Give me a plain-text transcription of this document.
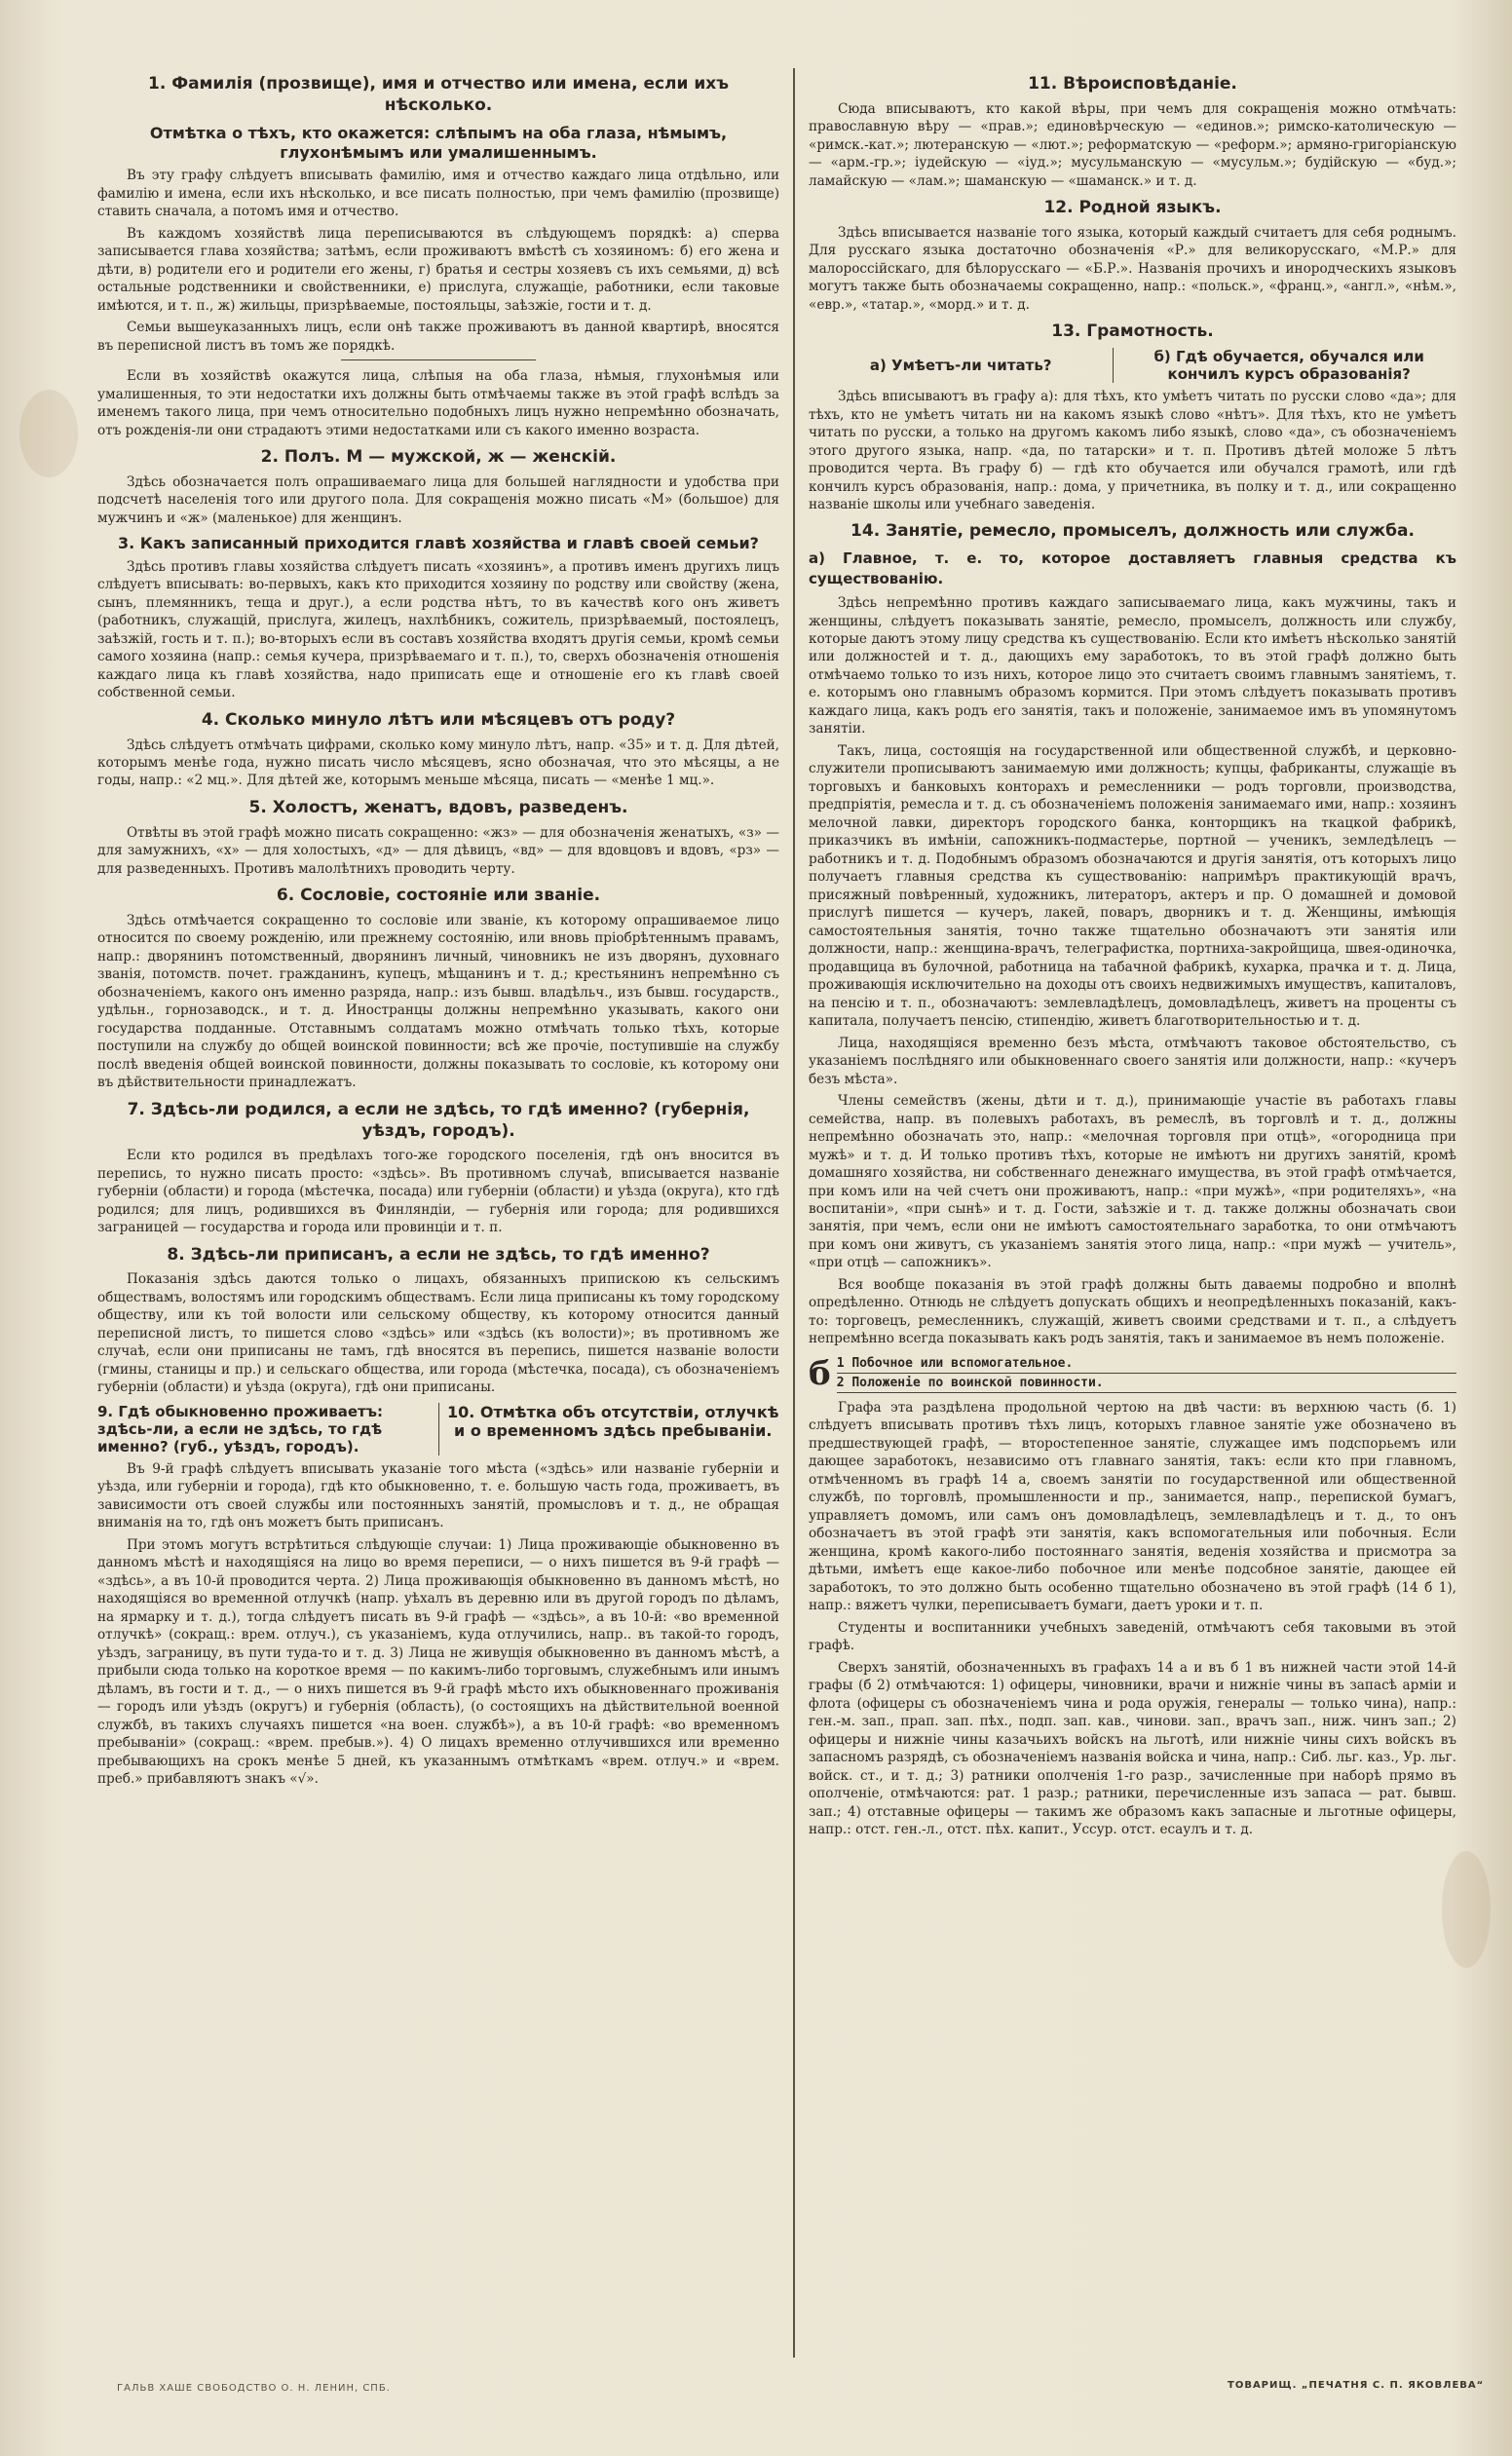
1. Фамилія (прозвище), имя и отчество или имена, если ихъ нѣсколько.
Отмѣтка о тѣхъ, кто окажется: слѣпымъ на оба глаза, нѣмымъ, глухонѣмымъ или умалишеннымъ.

Въ эту графу слѣдуетъ вписывать фамилію, имя и отчество каждаго лица отдѣльно, или фамилію и имена, если ихъ нѣсколько, и все писать полностью, при чемъ фамилію (прозвище) ставить сначала, а потомъ имя и отчество.

Въ каждомъ хозяйствѣ лица переписываются въ слѣдующемъ порядкѣ: а) сперва записывается глава хозяйства; затѣмъ, если проживаютъ вмѣстѣ съ хозяиномъ: б) его жена и дѣти, в) родители его и родители его жены, г) братья и сестры хозяевъ съ ихъ семьями, д) всѣ остальные родственники и свойственники, е) прислуга, служащіе, работники, если таковые имѣются, и т. п., ж) жильцы, призрѣваемые, постояльцы, заѣзжіе, гости и т. д.

Семьи вышеуказанныхъ лицъ, если онѣ также проживаютъ въ данной квартирѣ, вносятся въ переписной листъ въ томъ же порядкѣ.

Если въ хозяйствѣ окажутся лица, слѣпыя на оба глаза, нѣмыя, глухонѣмыя или умалишенныя, то эти недостатки ихъ должны быть отмѣчаемы также въ этой графѣ вслѣдъ за именемъ такого лица, при чемъ относительно подобныхъ лицъ нужно непремѣнно обозначать, отъ рожденія-ли они страдаютъ этими недостатками или съ какого именно возраста.

2. Полъ. М — мужской, ж — женскій.

Здѣсь обозначается полъ опрашиваемаго лица для большей наглядности и удобства при подсчетѣ населенія того или другого пола. Для сокращенія можно писать «М» (большое) для мужчинъ и «ж» (маленькое) для женщинъ.

3. Какъ записанный приходится главѣ хозяйства и главѣ своей семьи?

Здѣсь противъ главы хозяйства слѣдуетъ писать «хозяинъ», а противъ именъ другихъ лицъ слѣдуетъ вписывать: во-первыхъ, какъ кто приходится хозяину по родству или свойству (жена, сынъ, племянникъ, теща и друг.), а если родства нѣтъ, то въ качествѣ кого онъ живетъ (работникъ, служащій, прислуга, жилецъ, нахлѣбникъ, сожитель, призрѣваемый, постоялецъ, заѣзжій, гость и т. п.); во-вторыхъ если въ составъ хозяйства входятъ другія семьи, кромѣ семьи самого хозяина (напр.: семья кучера, призрѣваемаго и т. п.), то, сверхъ обозначенія отношенія каждаго лица къ главѣ хозяйства, надо приписать еще и отношеніе его къ главѣ своей собственной семьи.

4. Сколько минуло лѣтъ или мѣсяцевъ отъ роду?

Здѣсь слѣдуетъ отмѣчать цифрами, сколько кому минуло лѣтъ, напр. «35» и т. д. Для дѣтей, которымъ менѣе года, нужно писать число мѣсяцевъ, ясно обозначая, что это мѣсяцы, а не годы, напр.: «2 мц.». Для дѣтей же, которымъ меньше мѣсяца, писать — «менѣе 1 мц.».

5. Холостъ, женатъ, вдовъ, разведенъ.

Отвѣты въ этой графѣ можно писать сокращенно: «жз» — для обозначенія женатыхъ, «з» — для замужнихъ, «х» — для холостыхъ, «д» — для дѣвицъ, «вд» — для вдовцовъ и вдовъ, «рз» — для разведенныхъ. Противъ малолѣтнихъ проводить черту.

6. Сословіе, состояніе или званіе.

Здѣсь отмѣчается сокращенно то сословіе или званіе, къ которому опрашиваемое лицо относится по своему рожденію, или прежнему состоянію, или вновь пріобрѣтеннымъ правамъ, напр.: дворянинъ потомственный, дворянинъ личный, чиновникъ не изъ дворянъ, духовнаго званія, потомств. почет. гражданинъ, купецъ, мѣщанинъ и т. д.; крестьянинъ непремѣнно съ обозначеніемъ, какого онъ именно разряда, напр.: изъ бывш. владѣльч., изъ бывш. государств., удѣльн., горнозаводск., и т. д. Иностранцы должны непремѣнно указывать, какого они государства подданные. Отставнымъ солдатамъ можно отмѣчать только тѣхъ, которые поступили на службу до общей воинской повинности; всѣ же прочіе, поступившіе на службу послѣ введенія общей воинской повинности, должны показывать то сословіе, къ которому они въ дѣйствительности принадлежатъ.

7. Здѣсь-ли родился, а если не здѣсь, то гдѣ именно? (губернія, уѣздъ, городъ).

Если кто родился въ предѣлахъ того-же городского поселенія, гдѣ онъ вносится въ перепись, то нужно писать просто: «здѣсь». Въ противномъ случаѣ, вписывается названіе губерніи (области) и города (мѣстечка, посада) или губерніи (области) и уѣзда (округа), кто гдѣ родился; для лицъ, родившихся въ Финляндіи, — губернія или города; для родившихся заграницей — государства и города или провинціи и т. п.

8. Здѣсь-ли приписанъ, а если не здѣсь, то гдѣ именно?

Показанія здѣсь даются только о лицахъ, обязанныхъ припискою къ сельскимъ обществамъ, волостямъ или городскимъ обществамъ. Если лица приписаны къ тому городскому обществу, или къ той волости или сельскому обществу, къ которому относится данный переписной листъ, то пишется слово «здѣсь» или «здѣсь (къ волости)»; въ противномъ же случаѣ, если они приписаны не тамъ, гдѣ вносятся въ перепись, пишется названіе волости (гмины, станицы и пр.) и сельскаго общества, или города (мѣстечка, посада), съ обозначеніемъ губерніи (области) и уѣзда (округа), гдѣ они приписаны.

9. Гдѣ обыкновенно проживаетъ: здѣсь-ли, а если не здѣсь, то гдѣ именно? (губ., уѣздъ, городъ).
10. Отмѣтка объ отсутствіи, отлучкѣ и о временномъ здѣсь пребываніи.

Въ 9-й графѣ слѣдуетъ вписывать указаніе того мѣста («здѣсь» или названіе губерніи и уѣзда, или губерніи и города), гдѣ кто обыкновенно, т. е. большую часть года, проживаетъ, въ зависимости отъ своей службы или постоянныхъ занятій, промысловъ и т. д., не обращая вниманія на то, гдѣ онъ можетъ быть приписанъ.

При этомъ могутъ встрѣтиться слѣдующіе случаи: 1) Лица проживающіе обыкновенно въ данномъ мѣстѣ и находящіяся на лицо во время переписи, — о нихъ пишется въ 9-й графѣ — «здѣсь», а въ 10-й проводится черта. 2) Лица проживающія обыкновенно въ данномъ мѣстѣ, но находящіяся во временной отлучкѣ (напр. уѣхалъ въ деревню или въ другой городъ по дѣламъ, на ярмарку и т. д.), тогда слѣдуетъ писать въ 9-й графѣ — «здѣсь», а въ 10-й: «во временной отлучкѣ» (сокращ.: врем. отлуч.), съ указаніемъ, куда отлучились, напр.. въ такой-то городъ, уѣздъ, заграницу, въ пути туда-то и т. д. 3) Лица не живущія обыкновенно въ данномъ мѣстѣ, а прибыли сюда только на короткое время — по какимъ-либо торговымъ, служебнымъ или инымъ дѣламъ, въ гости и т. д., — о нихъ пишется въ 9-й графѣ мѣсто ихъ обыкновеннаго проживанія — городъ или уѣздъ (округъ) и губернія (область), (о состоящихъ на дѣйствительной военной службѣ, въ такихъ случаяхъ пишется «на воен. службѣ»), а въ 10-й графѣ: «во временномъ пребываніи» (сокращ.: «врем. пребыв.»). 4) О лицахъ временно отлучившихся или временно пребывающихъ на срокъ менѣе 5 дней, къ указаннымъ отмѣткамъ «врем. отлуч.» и «врем. преб.» прибавляютъ знакъ «√».

11. Вѣроисповѣданіе.

Сюда вписываютъ, кто какой вѣры, при чемъ для сокращенія можно отмѣчать: православную вѣру — «прав.»; единовѣрческую — «единов.»; римско-католическую — «римск.-кат.»; лютеранскую — «лют.»; реформатскую — «реформ.»; армяно-григоріанскую — «арм.-гр.»; іудейскую — «іуд.»; мусульманскую — «мусульм.»; будійскую — «буд.»; ламайскую — «лам.»; шаманскую — «шаманск.» и т. д.

12. Родной языкъ.

Здѣсь вписывается названіе того языка, который каждый считаетъ для себя роднымъ. Для русскаго языка достаточно обозначенія «Р.» для великорусскаго, «М.Р.» для малороссійскаго, для бѣлорусскаго — «Б.Р.». Названія прочихъ и инородческихъ языковъ могутъ также быть обозначаемы сокращенно, напр.: «польск.», «франц.», «англ.», «нѣм.», «евр.», «татар.», «морд.» и т. д.

13. Грамотность.
а) Умѣетъ-ли читать?	б) Гдѣ обучается, обучался или кончилъ курсъ образованія?

Здѣсь вписываютъ въ графу а): для тѣхъ, кто умѣетъ читать по русски слово «да»; для тѣхъ, кто не умѣетъ читать ни на какомъ языкѣ слово «нѣтъ». Для тѣхъ, кто не умѣетъ читать по русски, а только на другомъ какомъ либо языкѣ, слово «да», съ обозначеніемъ этого другого языка, напр. «да, по татарски» и т. п. Противъ дѣтей моложе 5 лѣтъ проводится черта. Въ графу б) — гдѣ кто обучается или обучался грамотѣ, или гдѣ кончилъ курсъ образованія, напр.: дома, у причетника, въ полку и т. д., или сокращенно названіе школы или учебнаго заведенія.

14. Занятіе, ремесло, промыселъ, должность или служба.

а) Главное, т. е. то, которое доставляетъ главныя средства къ существованію.

Здѣсь непремѣнно противъ каждаго записываемаго лица, какъ мужчины, такъ и женщины, слѣдуетъ показывать занятіе, ремесло, промыселъ, должность или службу, которые даютъ этому лицу средства къ существованію. Если кто имѣетъ нѣсколько занятій или должностей и т. д., дающихъ ему заработокъ, то въ этой графѣ должно быть отмѣчаемо только то изъ нихъ, которое лицо это считаетъ своимъ главнымъ занятіемъ, т. е. которымъ оно главнымъ образомъ кормится. При этомъ слѣдуетъ показывать противъ каждаго лица, какъ родъ его занятія, такъ и положеніе, занимаемое имъ въ упомянутомъ занятіи.

Такъ, лица, состоящія на государственной или общественной службѣ, и церковно-служители прописываютъ занимаемую ими должность; купцы, фабриканты, служащіе въ торговыхъ и банковыхъ конторахъ и ремесленники — родъ торговли, производства, предпріятія, ремесла и т. д. съ обозначеніемъ положенія занимаемаго ими, напр.: хозяинъ мелочной лавки, директоръ городского банка, конторщикъ на ткацкой фабрикѣ, приказчикъ въ имѣніи, сапожникъ-подмастерье, портной — ученикъ, земледѣлецъ — работникъ и т. д. Подобнымъ образомъ обозначаются и другія занятія, отъ которыхъ лицо получаетъ главныя средства къ существованію: напримѣръ практикующій врачъ, присяжный повѣренный, художникъ, литераторъ, актеръ и пр. О домашней и домовой прислугѣ пишется — кучеръ, лакей, поваръ, дворникъ и т. д. Женщины, имѣющія самостоятельныя занятія, точно также тщательно обозначаютъ эти занятія или должности, напр.: женщина-врачъ, телеграфистка, портниха-закройщица, швея-одиночка, продавщица въ булочной, работница на табачной фабрикѣ, кухарка, прачка и т. д. Лица, проживающія исключительно на доходы отъ своихъ недвижимыхъ имуществъ, капиталовъ, на пенсію и т. п., обозначаютъ: землевладѣлецъ, домовладѣлецъ, живетъ на проценты съ капитала, получаетъ пенсію, стипендію, живетъ благотворительностью и т. д.

Лица, находящіяся временно безъ мѣста, отмѣчаютъ таковое обстоятельство, съ указаніемъ послѣдняго или обыкновеннаго своего занятія или должности, напр.: «кучеръ безъ мѣста».

Члены семействъ (жены, дѣти и т. д.), принимающіе участіе въ работахъ главы семейства, напр. въ полевыхъ работахъ, въ ремеслѣ, въ торговлѣ и т. д., должны непремѣнно обозначать это, напр.: «мелочная торговля при отцѣ», «огородница при мужѣ» и т. д. И только противъ тѣхъ, которые не имѣютъ ни другихъ занятій, кромѣ домашняго хозяйства, ни собственнаго денежнаго имущества, въ этой графѣ отмѣчается, при комъ или на чей счетъ они проживаютъ, напр.: «при мужѣ», «при родителяхъ», «на воспитаніи», «при сынѣ» и т. д. Гости, заѣзжіе и т. д. также должны обозначать свои занятія, при чемъ, если они не имѣютъ самостоятельнаго заработка, то они отмѣчаютъ при комъ они живутъ, съ указаніемъ занятія этого лица, напр.: «при мужѣ — учитель», «при отцѣ — сапожникъ».

Вся вообще показанія въ этой графѣ должны быть даваемы подробно и вполнѣ опредѣленно. Отнюдь не слѣдуетъ допускать общихъ и неопредѣленныхъ показаній, какъ-то: торговецъ, ремесленникъ, служащій, живетъ своими средствами и т. п., а слѣдуетъ непремѣнно всегда показывать какъ родъ занятія, такъ и занимаемое въ немъ положеніе.

б 1 Побочное или вспомогательное.
2 Положеніе по воинской повинности.

Графа эта раздѣлена продольной чертою на двѣ части: въ верхнюю часть (б. 1) слѣдуетъ вписывать противъ тѣхъ лицъ, которыхъ главное занятіе уже обозначено въ предшествующей графѣ, — второстепенное занятіе, служащее имъ подспорьемъ или дающее заработокъ, независимо отъ главнаго занятія, такъ: если кто при главномъ, отмѣченномъ въ графѣ 14 а, своемъ занятіи по государственной или общественной службѣ, по торговлѣ, промышленности и пр., занимается, напр., перепиской бумагъ, управляетъ домомъ, или самъ онъ домовладѣлецъ, землевладѣлецъ и т. д., то онъ обозначаетъ въ этой графѣ эти занятія, какъ вспомогательныя или побочныя. Если женщина, кромѣ какого-либо постояннаго занятія, веденія хозяйства и присмотра за дѣтьми, имѣетъ еще какое-либо побочное или менѣе подсобное занятіе, дающее ей заработокъ, то это должно быть особенно тщательно обозначено въ этой графѣ (14 б 1), напр.: вяжетъ чулки, переписываетъ бумаги, даетъ уроки и т. п.

Студенты и воспитанники учебныхъ заведеній, отмѣчаютъ себя таковыми въ этой графѣ.

Сверхъ занятій, обозначенныхъ въ графахъ 14 а и въ б 1 въ нижней части этой 14-й графы (б 2) отмѣчаются: 1) офицеры, чиновники, врачи и нижніе чины въ запасѣ арміи и флота (офицеры съ обозначеніемъ чина и рода оружія, генералы — только чина), напр.: ген.-м. зап., прап. зап. пѣх., подп. зап. кав., чинови. зап., врачъ зап., ниж. чинъ зап.; 2) офицеры и нижніе чины казачьихъ войскъ на льготѣ, или нижніе чины сихъ войскъ въ запасномъ разрядѣ, съ обозначеніемъ названія войска и чина, напр.: Сиб. льг. каз., Ур. льг. войск. ст., и т. д.; 3) ратники ополченія 1-го разр., зачисленные при наборѣ прямо въ ополченіе, отмѣчаются: рат. 1 разр.; ратники, перечисленные изъ запаса — рат. бывш. зап.; 4) отставные офицеры — такимъ же образомъ какъ запасные и льготные офицеры, напр.: отст. ген.-л., отст. пѣх. капит., Уссур. отст. есаулъ и т. д.

ГАЛЬВ ХАШЕ СВОБОДСТВО О. Н. ЛЕНИН, СПБ.	ТОВАРИЩ. „ПЕЧАТНЯ С. П. ЯКОВЛЕВА“
